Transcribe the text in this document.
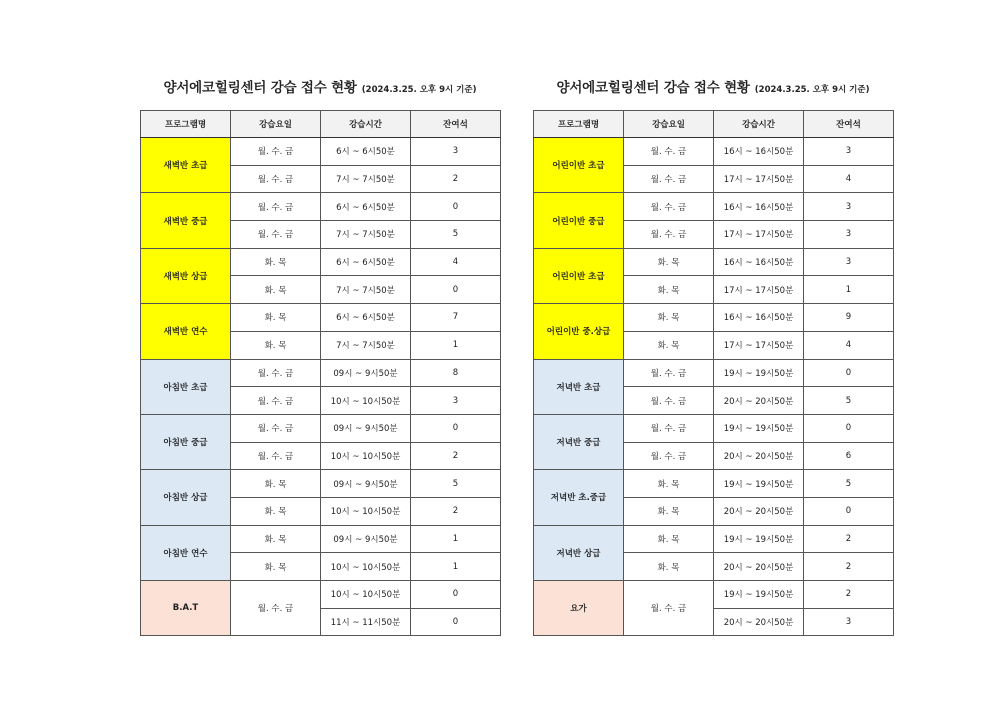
양서에코힐링센터 강습 접수 현황 (2024.3.25. 오후 9시 기준)
프로그램명	강습요일	강습시간	잔여석
새벽반 초급	월. 수. 금	6시 ~ 6시50분	3
	월. 수. 금	7시 ~ 7시50분	2
새벽반 중급	월. 수. 금	6시 ~ 6시50분	0
	월. 수. 금	7시 ~ 7시50분	5
새벽반 상급	화. 목	6시 ~ 6시50분	4
	화. 목	7시 ~ 7시50분	0
새벽반 연수	화. 목	6시 ~ 6시50분	7
	화. 목	7시 ~ 7시50분	1
아침반 초급	월. 수. 금	09시 ~ 9시50분	8
	월. 수. 금	10시 ~ 10시50분	3
아침반 중급	월. 수. 금	09시 ~ 9시50분	0
	월. 수. 금	10시 ~ 10시50분	2
아침반 상급	화. 목	09시 ~ 9시50분	5
	화. 목	10시 ~ 10시50분	2
아침반 연수	화. 목	09시 ~ 9시50분	1
	화. 목	10시 ~ 10시50분	1
B.A.T	월. 수. 금	10시 ~ 10시50분	0
		11시 ~ 11시50분	0
양서에코힐링센터 강습 접수 현황 (2024.3.25. 오후 9시 기준)
프로그램명	강습요일	강습시간	잔여석
어린이반 초급	월. 수. 금	16시 ~ 16시50분	3
	월. 수. 금	17시 ~ 17시50분	4
어린이반 중급	월. 수. 금	16시 ~ 16시50분	3
	월. 수. 금	17시 ~ 17시50분	3
어린이반 초급	화. 목	16시 ~ 16시50분	3
	화. 목	17시 ~ 17시50분	1
어린이반 중.상급	화. 목	16시 ~ 16시50분	9
	화. 목	17시 ~ 17시50분	4
저녁반 초급	월. 수. 금	19시 ~ 19시50분	0
	월. 수. 금	20시 ~ 20시50분	5
저녁반 중급	월. 수. 금	19시 ~ 19시50분	0
	월. 수. 금	20시 ~ 20시50분	6
저녁반 초.중급	화. 목	19시 ~ 19시50분	5
	화. 목	20시 ~ 20시50분	0
저녁반 상급	화. 목	19시 ~ 19시50분	2
	화. 목	20시 ~ 20시50분	2
요가	월. 수. 금	19시 ~ 19시50분	2
		20시 ~ 20시50분	3
